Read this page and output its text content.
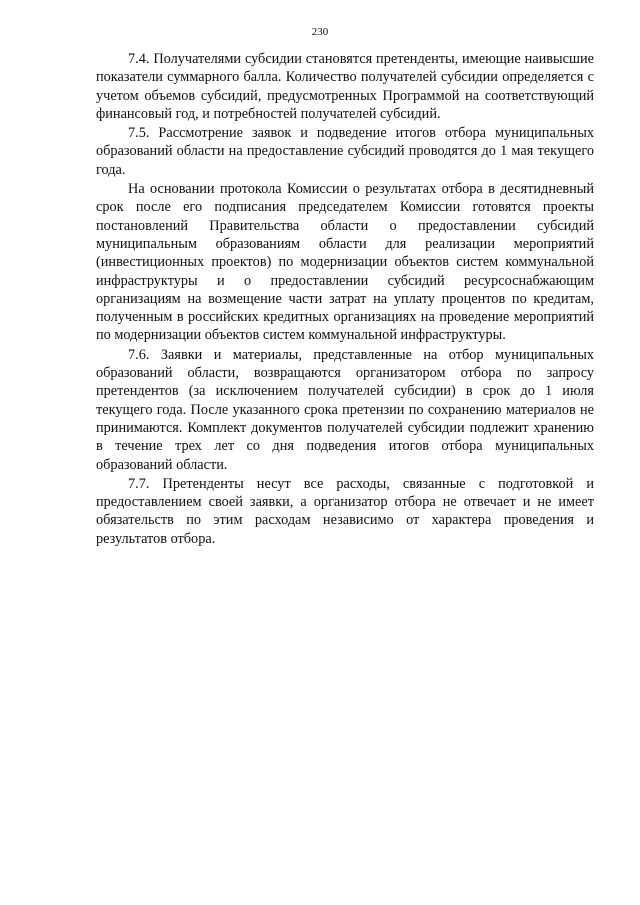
230

7.4. Получателями субсидии становятся претенденты, имеющие наивысшие показатели суммарного балла. Количество получателей субсидии определяется с учетом объемов субсидий, предусмотренных Программой на соответствующий финансовый год, и потребностей получателей субсидий.

7.5. Рассмотрение заявок и подведение итогов отбора муниципальных образований области на предоставление субсидий проводятся до 1 мая текущего года.

На основании протокола Комиссии о результатах отбора в десятидневный срок после его подписания председателем Комиссии готовятся проекты постановлений Правительства области о предоставлении субсидий муниципальным образованиям области для реализации мероприятий (инвестиционных проектов) по модернизации объектов систем коммунальной инфраструктуры и о предоставлении субсидий ресурсоснабжающим организациям на возмещение части затрат на уплату процентов по кредитам, полученным в российских кредитных организациях на проведение мероприятий по модернизации объектов систем коммунальной инфраструктуры.

7.6. Заявки и материалы, представленные на отбор муниципальных образований области, возвращаются организатором отбора по запросу претендентов (за исключением получателей субсидии) в срок до 1 июля текущего года. После указанного срока претензии по сохранению материалов не принимаются. Комплект документов получателей субсидии подлежит хранению в течение трех лет со дня подведения итогов отбора муниципальных образований области.

7.7. Претенденты несут все расходы, связанные с подготовкой и предоставлением своей заявки, а организатор отбора не отвечает и не имеет обязательств по этим расходам независимо от характера проведения и результатов отбора.
